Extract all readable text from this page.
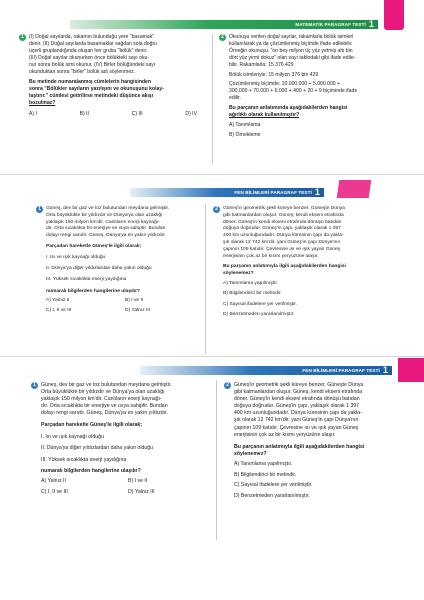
MATEMATİK PARAGRAF TESTİ 1
1	(I) Doğal sayılarda, rakamın bulunduğu yere "basamak"
denir. (II) Doğal sayılarda basamaklar sağdan sola doğru
üçerli gruplandığında oluşan her gruba "bölük" denir.
(III) Doğal sayılar okunurken önce bölükteki sayı oku-
nur sonra bölük ismi okunur. (IV) Birler bölüğündeki sayı
okunduktan sonra "birler" bölük adı söylenmez.
Bu metinde numaralanmış cümlelerin hangisinden
sonra "Bölükler sayıların yazılışını ve okunuşunu kolay-
laştırır." cümlesi getirilirse metindeki düşünce akışı
bozulmaz?
A) I	B) II	C) III	D) IV
2	Okunuşu verilen doğal sayılar, rakamlarla bölük isimleri
kullanılarak ya da çözümlenmiş biçimde ifade edilebilir.
Örneğin okunuşu, "on beş milyon üç yüz yetmiş altı bin
dört yüz yirmi dokuz" olan sayı tablodaki gibi ifade edile-
bilir. Rakamlarla: 15.376.429
Bölük isimleriyle: 15 milyon 376 bin 429
Çözümlenmiş biçimde: 10.000.000 + 5.000.000 +
300.000 + 70.000 + 6.000 + 400 + 20 + 9 biçiminde ifade
edilir.
Bu parçanın anlatımında aşağıdakilerden hangisi
ağırlıklı olarak kullanılmıştır?
A) Tanımlama
B) Örnekleme
FEN BİLİMLERİ PARAGRAF TESTİ 1
1	Güneş, dev bir gaz ve toz bulutundan meydana gelmiştir.
Orta büyüklükte bir yıldızdır ve Dünya'ya olan uzaklığı
yaklaşık 150 milyon km'dir. Canlıların enerji kaynağı-
dır. Orta sıcaklıkta bir enerjiye ve ısıya sahiptir. Bundan
dolayı rengi sarıdır. Güneş, Dünya'ya en yakın yıldızdır.
Parçadan hareketle Güneş'le ilgili olarak;
I. Isı ve ışık kaynağı olduğu
II. Dünya'ya diğer yıldızlardan daha yakın olduğu
III. Yüksek sıcaklıkta enerji yaydığına
numaralı bilgilerden hangilerine ulaşılır?
A) Yalnız II	B) I ve II
C) I, II ve III	D) Yalnız III
2	Güneş'in geometrik şekli küreye benzer. Güneşte Dünya
gibi katmanlardan oluşur. Güneş; kendi ekseni etrafında
döner. Güneş'in kendi ekseni etrafında dönüşü batıdan
doğuya doğrudur. Güneş'in çapı, yaklaşık olarak 1 397
400 km uzunluğundadır. Dünya küresinin çapı da yakla-
şık olarak 12 742 km'dir. yani Güneş'in çapı Dünya'nın
çapının 109 katıdır. Çevresine ısı ve ışık yayan Güneş
enerjisinin çok az bir kısmı yeryüzüne ulaşır.
Bu parçanın anlatımıyla ilgili aşağıdakilerden hangisi
söylenemez?
A) Tanımlama yapılmıştır.
B) Bilgilendirici bir metindir.
C) Sayısal ifadelere yer verilmiştir.
D) Benzetmeden yararlanılmıştır.
FEN BİLİMLERİ PARAGRAF TESTİ 1
1 Güneş, dev bir gaz ve toz bulutundan meydana gelmiştir.
Orta büyüklükte bir yıldızdır ve Dünya'ya olan uzaklığı
yaklaşık 150 milyon km'dir. Canlıların enerji kaynağı-
dır. Orta sıcaklıkta bir enerjiye ve ısıya sahiptir. Bundan
dolayı rengi sarıdır. Güneş, Dünya'ya en yakın yıldızdır.
Parçadan hareketle Güneş'le ilgili olarak;
I. Isı ve ışık kaynağı olduğu
II. Dünya'ya diğer yıldızlardan daha yakın olduğu
III. Yüksek sıcaklıkta enerji yaydığına
numaralı bilgilerden hangilerine ulaşılır?
A) Yalnız II	B) I ve II
C) I, II ve III	D) Yalnız III
2 Güneş'in geometrik şekli küreye benzer. Güneşte Dünya
gibi katmanlardan oluşur. Güneş; kendi ekseni etrafında
döner. Güneş'in kendi ekseni etrafında dönüşü batıdan
doğuya doğrudur. Güneş'in çapı, yaklaşık olarak 1 397
400 km uzunluğundadır. Dünya küresinin çapı da yakla-
şık olarak 12 742 km'dir. yani Güneş'in çapı Dünya'nın
çapının 109 katıdır. Çevresine ısı ve ışık yayan Güneş
enerjisinin çok az bir kısmı yeryüzüne ulaşır.
Bu parçanın anlatımıyla ilgili aşağıdakilerden hangisi
söylenemez?
A) Tanımlama yapılmıştır.
B) Bilgilendirici bir metindir.
C) Sayısal ifadelere yer verilmiştir.
D) Benzetmeden yararlanılmıştır.
